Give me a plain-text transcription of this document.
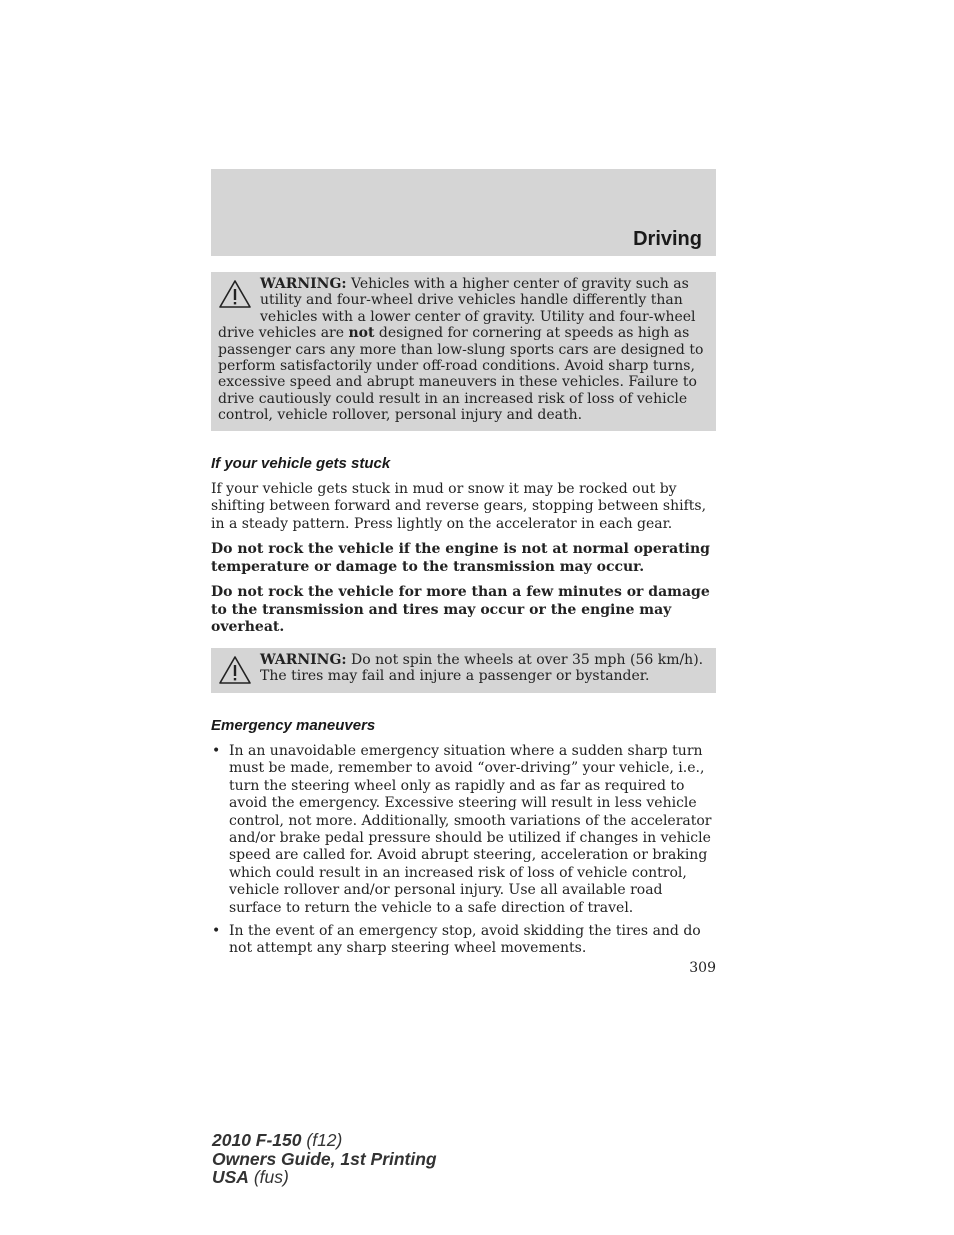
Driving
WARNING: Vehicles with a higher center of gravity such as utility and four-wheel drive vehicles handle differently than vehicles with a lower center of gravity. Utility and four-wheel drive vehicles are not designed for cornering at speeds as high as passenger cars any more than low-slung sports cars are designed to perform satisfactorily under off-road conditions. Avoid sharp turns, excessive speed and abrupt maneuvers in these vehicles. Failure to drive cautiously could result in an increased risk of loss of vehicle control, vehicle rollover, personal injury and death.
If your vehicle gets stuck

If your vehicle gets stuck in mud or snow it may be rocked out by shifting between forward and reverse gears, stopping between shifts, in a steady pattern. Press lightly on the accelerator in each gear.

Do not rock the vehicle if the engine is not at normal operating temperature or damage to the transmission may occur.

Do not rock the vehicle for more than a few minutes or damage to the transmission and tires may occur or the engine may overheat.

WARNING: Do not spin the wheels at over 35 mph (56 km/h). The tires may fail and injure a passenger or bystander.
Emergency maneuvers
• In an unavoidable emergency situation where a sudden sharp turn must be made, remember to avoid “over-driving” your vehicle, i.e., turn the steering wheel only as rapidly and as far as required to avoid the emergency. Excessive steering will result in less vehicle control, not more. Additionally, smooth variations of the accelerator and/or brake pedal pressure should be utilized if changes in vehicle speed are called for. Avoid abrupt steering, acceleration or braking which could result in an increased risk of loss of vehicle control, vehicle rollover and/or personal injury. Use all available road surface to return the vehicle to a safe direction of travel.
• In the event of an emergency stop, avoid skidding the tires and do not attempt any sharp steering wheel movements.
309
2010 F-150 (f12)
Owners Guide, 1st Printing
USA (fus)
